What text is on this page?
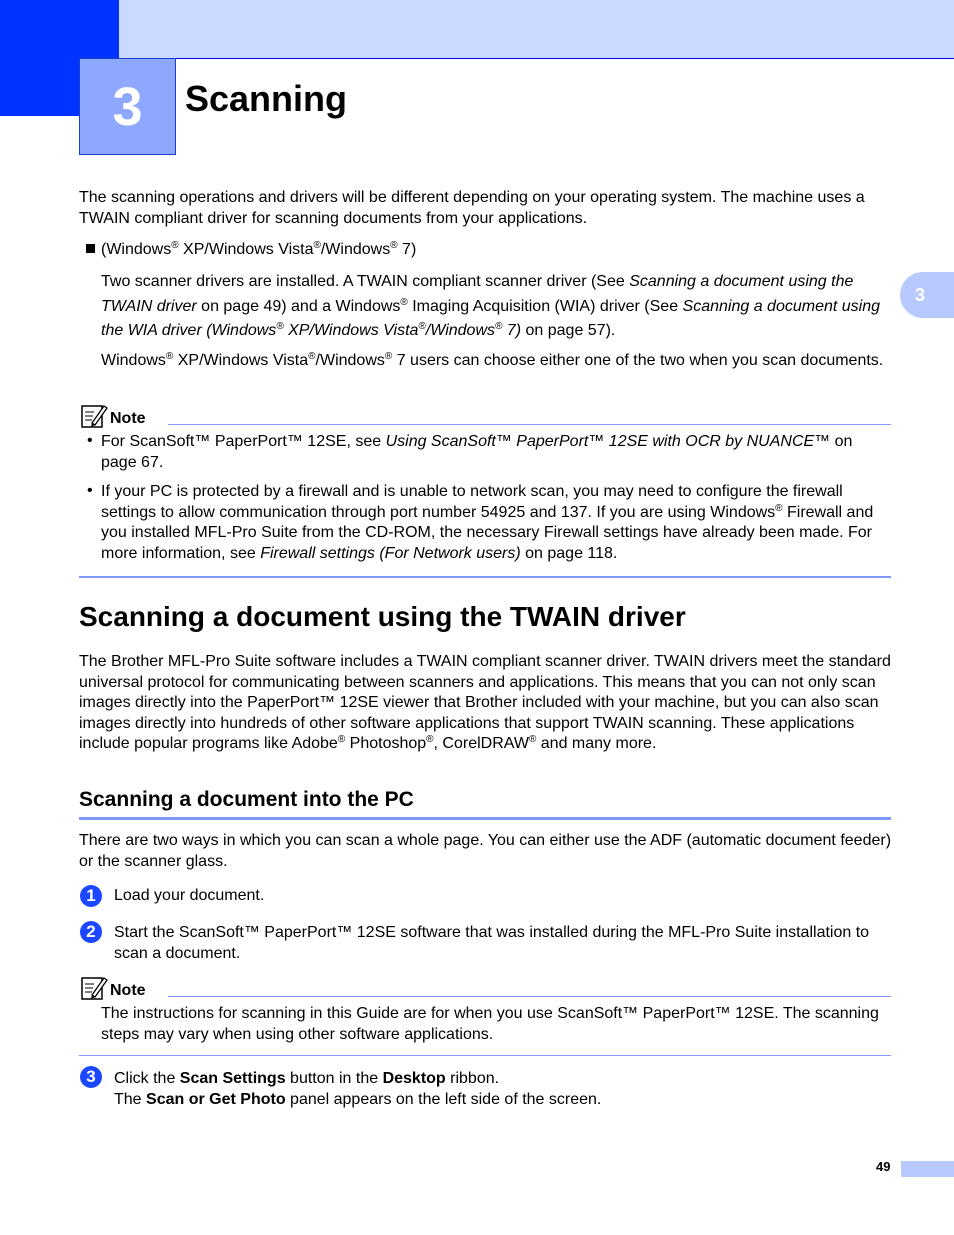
3	Scanning
3
The scanning operations and drivers will be different depending on your operating system. The machine uses a TWAIN compliant driver for scanning documents from your applications.
(Windows® XP/Windows Vista®/Windows® 7)
Two scanner drivers are installed. A TWAIN compliant scanner driver (See Scanning a document using the TWAIN driver on page 49) and a Windows® Imaging Acquisition (WIA) driver (See Scanning a document using the WIA driver (Windows® XP/Windows Vista®/Windows® 7) on page 57).
Windows® XP/Windows Vista®/Windows® 7 users can choose either one of the two when you scan documents.
Note
• For ScanSoft™ PaperPort™ 12SE, see Using ScanSoft™ PaperPort™ 12SE with OCR by NUANCE™ on page 67.
• If your PC is protected by a firewall and is unable to network scan, you may need to configure the firewall settings to allow communication through port number 54925 and 137. If you are using Windows® Firewall and you installed MFL-Pro Suite from the CD-ROM, the necessary Firewall settings have already been made. For more information, see Firewall settings (For Network users) on page 118.
Scanning a document using the TWAIN driver
The Brother MFL-Pro Suite software includes a TWAIN compliant scanner driver. TWAIN drivers meet the standard universal protocol for communicating between scanners and applications. This means that you can not only scan images directly into the PaperPort™ 12SE viewer that Brother included with your machine, but you can also scan images directly into hundreds of other software applications that support TWAIN scanning. These applications include popular programs like Adobe® Photoshop®, CorelDRAW® and many more.
Scanning a document into the PC
There are two ways in which you can scan a whole page. You can either use the ADF (automatic document feeder) or the scanner glass.
1	Load your document.
2	Start the ScanSoft™ PaperPort™ 12SE software that was installed during the MFL-Pro Suite installation to scan a document.
Note
The instructions for scanning in this Guide are for when you use ScanSoft™ PaperPort™ 12SE. The scanning steps may vary when using other software applications.
3	Click the Scan Settings button in the Desktop ribbon.
The Scan or Get Photo panel appears on the left side of the screen.
49
